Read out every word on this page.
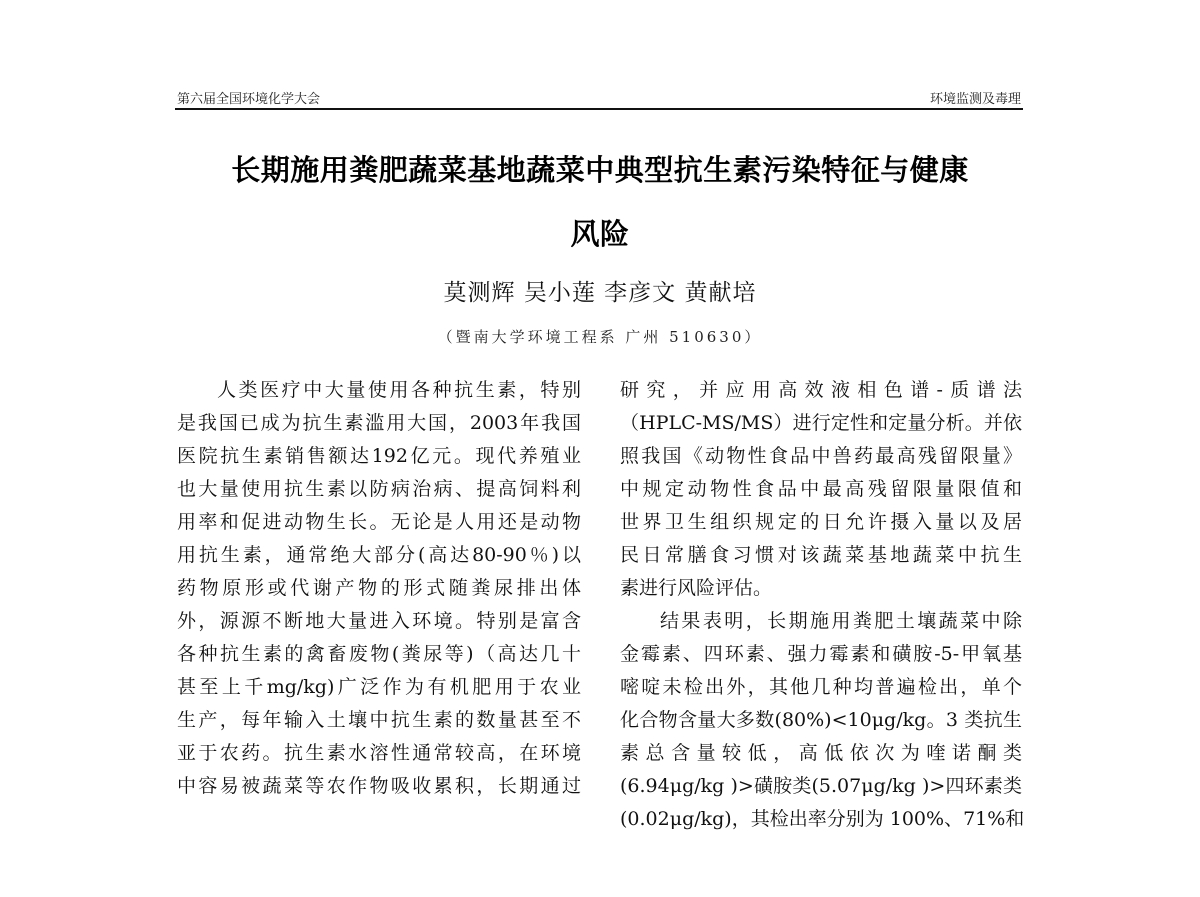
第六届全国环境化学大会	环境监测及毒理
长期施用粪肥蔬菜基地蔬菜中典型抗生素污染特征与健康
风险
莫测辉 吴小莲 李彦文 黄献培
（暨南大学环境工程系 广州 510630）
人类医疗中大量使用各种抗生素，特别
是我国已成为抗生素滥用大国，2003年我国
医院抗生素销售额达192亿元。现代养殖业
也大量使用抗生素以防病治病、提高饲料利
用率和促进动物生长。无论是人用还是动物
用抗生素，通常绝大部分(高达80-90％)以
药物原形或代谢产物的形式随粪尿排出体
外，源源不断地大量进入环境。特别是富含
各种抗生素的禽畜废物(粪尿等)（高达几十
甚至上千mg/kg)广泛作为有机肥用于农业
生产，每年输入土壤中抗生素的数量甚至不
亚于农药。抗生素水溶性通常较高，在环境
中容易被蔬菜等农作物吸收累积，长期通过
研究，并应用高效液相色谱-质谱法
（HPLC-MS/MS）进行定性和定量分析。并依
照我国《动物性食品中兽药最高残留限量》
中规定动物性食品中最高残留限量限值和
世界卫生组织规定的日允许摄入量以及居
民日常膳食习惯对该蔬菜基地蔬菜中抗生
素进行风险评估。
结果表明，长期施用粪肥土壤蔬菜中除
金霉素、四环素、强力霉素和磺胺-5-甲氧基
嘧啶未检出外，其他几种均普遍检出，单个
化合物含量大多数(80%)<10μg/kg。3 类抗生
素总含量较低，高低依次为喹诺酮类
(6.94μg/kg )>磺胺类(5.07μg/kg )>四环素类
(0.02μg/kg)，其检出率分别为 100%、71%和
